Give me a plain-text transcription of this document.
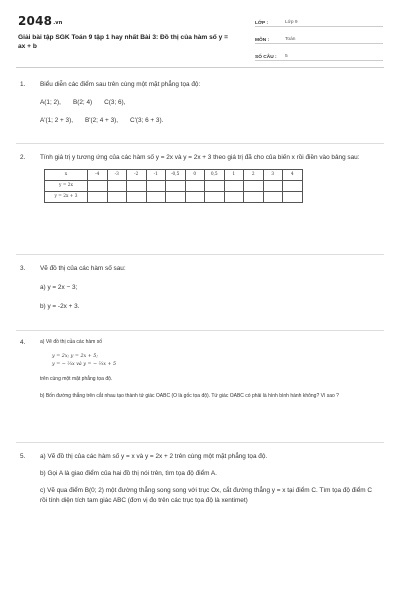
2048.vn
Giải bài tập SGK Toán 9 tập 1 hay nhất Bài 3: Đồ thị của hàm số y = ax + b
LỚP :	Lớp 9
MÔN :	Toán
SỐ CÂU :	5
1.	Biểu diễn các điểm sau trên cùng một mặt phẳng tọa độ:
A(1; 2), B(2; 4) C(3; 6),
A'(1; 2 + 3), B'(2; 4 + 3), C'(3; 6 + 3).
2.	Tính giá trị y tương ứng của các hàm số y = 2x và y = 2x + 3 theo giá trị đã cho của biến x rồi điền vào bảng sau:
x	-4	-3	-2	-1	-0,5	0	0,5	1	2	3	4
y = 2x											
y = 2x + 3											
3.	Vẽ đồ thị của các hàm số sau:
a) y = 2x − 3;
b) y = -2x + 3.
4.	a) Vẽ đồ thị của các hàm số
y = 2x; y = 2x + 5;
y = − ⅔x và y = − ⅔x + 5
trên cùng một mặt phẳng tọa độ.
b) Bốn đường thẳng trên cắt nhau tạo thành tứ giác OABC (O là gốc tọa độ). Tứ giác OABC có phải là hình bình hành không? Vì sao ?
5.	a) Vẽ đồ thị của các hàm số y = x và y = 2x + 2 trên cùng một mặt phẳng tọa độ.
b) Gọi A là giao điểm của hai đồ thị nói trên, tìm tọa độ điểm A.
c) Vẽ qua điểm B(0; 2) một đường thẳng song song với trục Ox, cắt đường thẳng y = x tại điểm C. Tìm tọa độ điểm C rồi tính diện tích tam giác ABC (đơn vị đo trên các trục tọa độ là xentimet)
